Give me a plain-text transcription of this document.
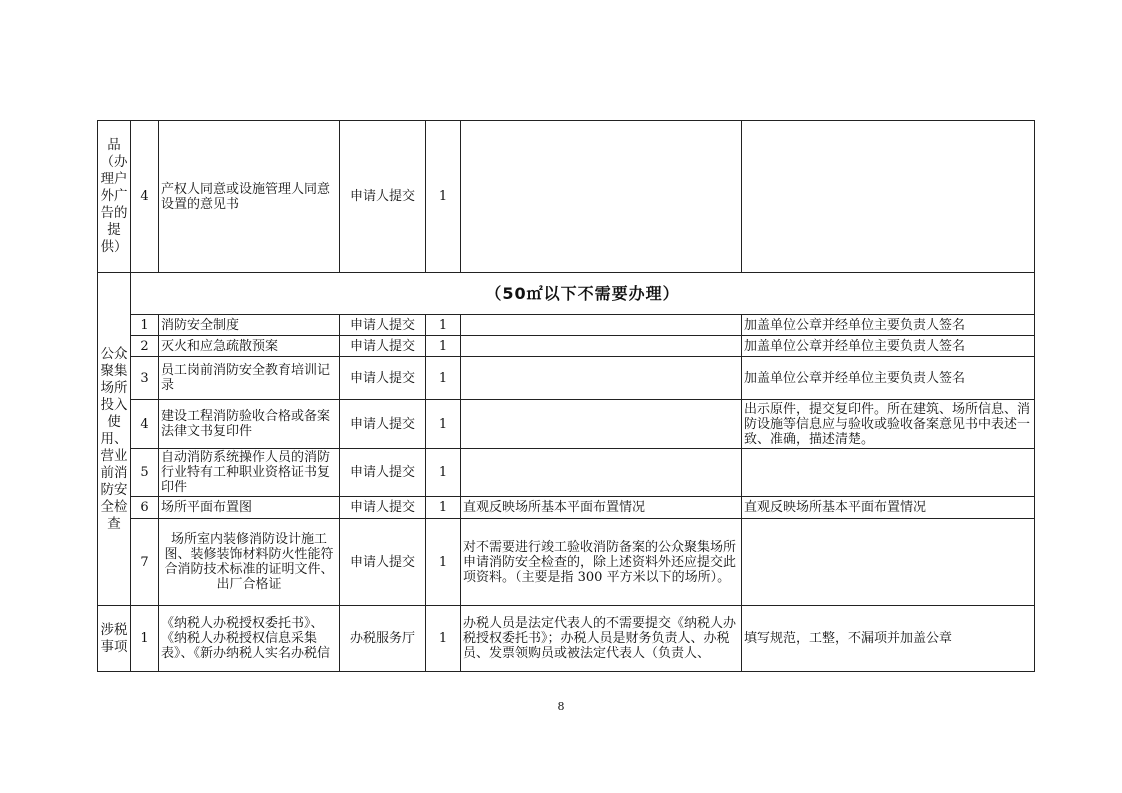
品（办理户外广告的提供）	4	产权人同意或设施管理人同意设置的意见书	申请人提交	1		

公众聚集场所投入使用、营业前消防安全检查	（50㎡以下不需要办理）					
	1	消防安全制度	申请人提交	1		加盖单位公章并经单位主要负责人签名
	2	灭火和应急疏散预案	申请人提交	1		加盖单位公章并经单位主要负责人签名
	3	员工岗前消防安全教育培训记录	申请人提交	1		加盖单位公章并经单位主要负责人签名
	4	建设工程消防验收合格或备案法律文书复印件	申请人提交	1		出示原件，提交复印件。所在建筑、场所信息、消防设施等信息应与验收或验收备案意见书中表述一致、准确，描述清楚。
	5	自动消防系统操作人员的消防行业特有工种职业资格证书复印件	申请人提交	1		
	6	场所平面布置图	申请人提交	1	直观反映场所基本平面布置情况	直观反映场所基本平面布置情况
	7	场所室内装修消防设计施工图、装修装饰材料防火性能符合消防技术标准的证明文件、出厂合格证	申请人提交	1	对不需要进行竣工验收消防备案的公众聚集场所申请消防安全检查的，除上述资料外还应提交此项资料。（主要是指 300 平方米以下的场所）。	

涉税事项	1	《纳税人办税授权委托书》、《纳税人办税授权信息采集表》、《新办纳税人实名办税信	办税服务厅	1	办税人员是法定代表人的不需要提交《纳税人办税授权委托书》；办税人员是财务负责人、办税员、发票领购员或被法定代表人（负责人、	填写规范，工整，不漏项并加盖公章
8
